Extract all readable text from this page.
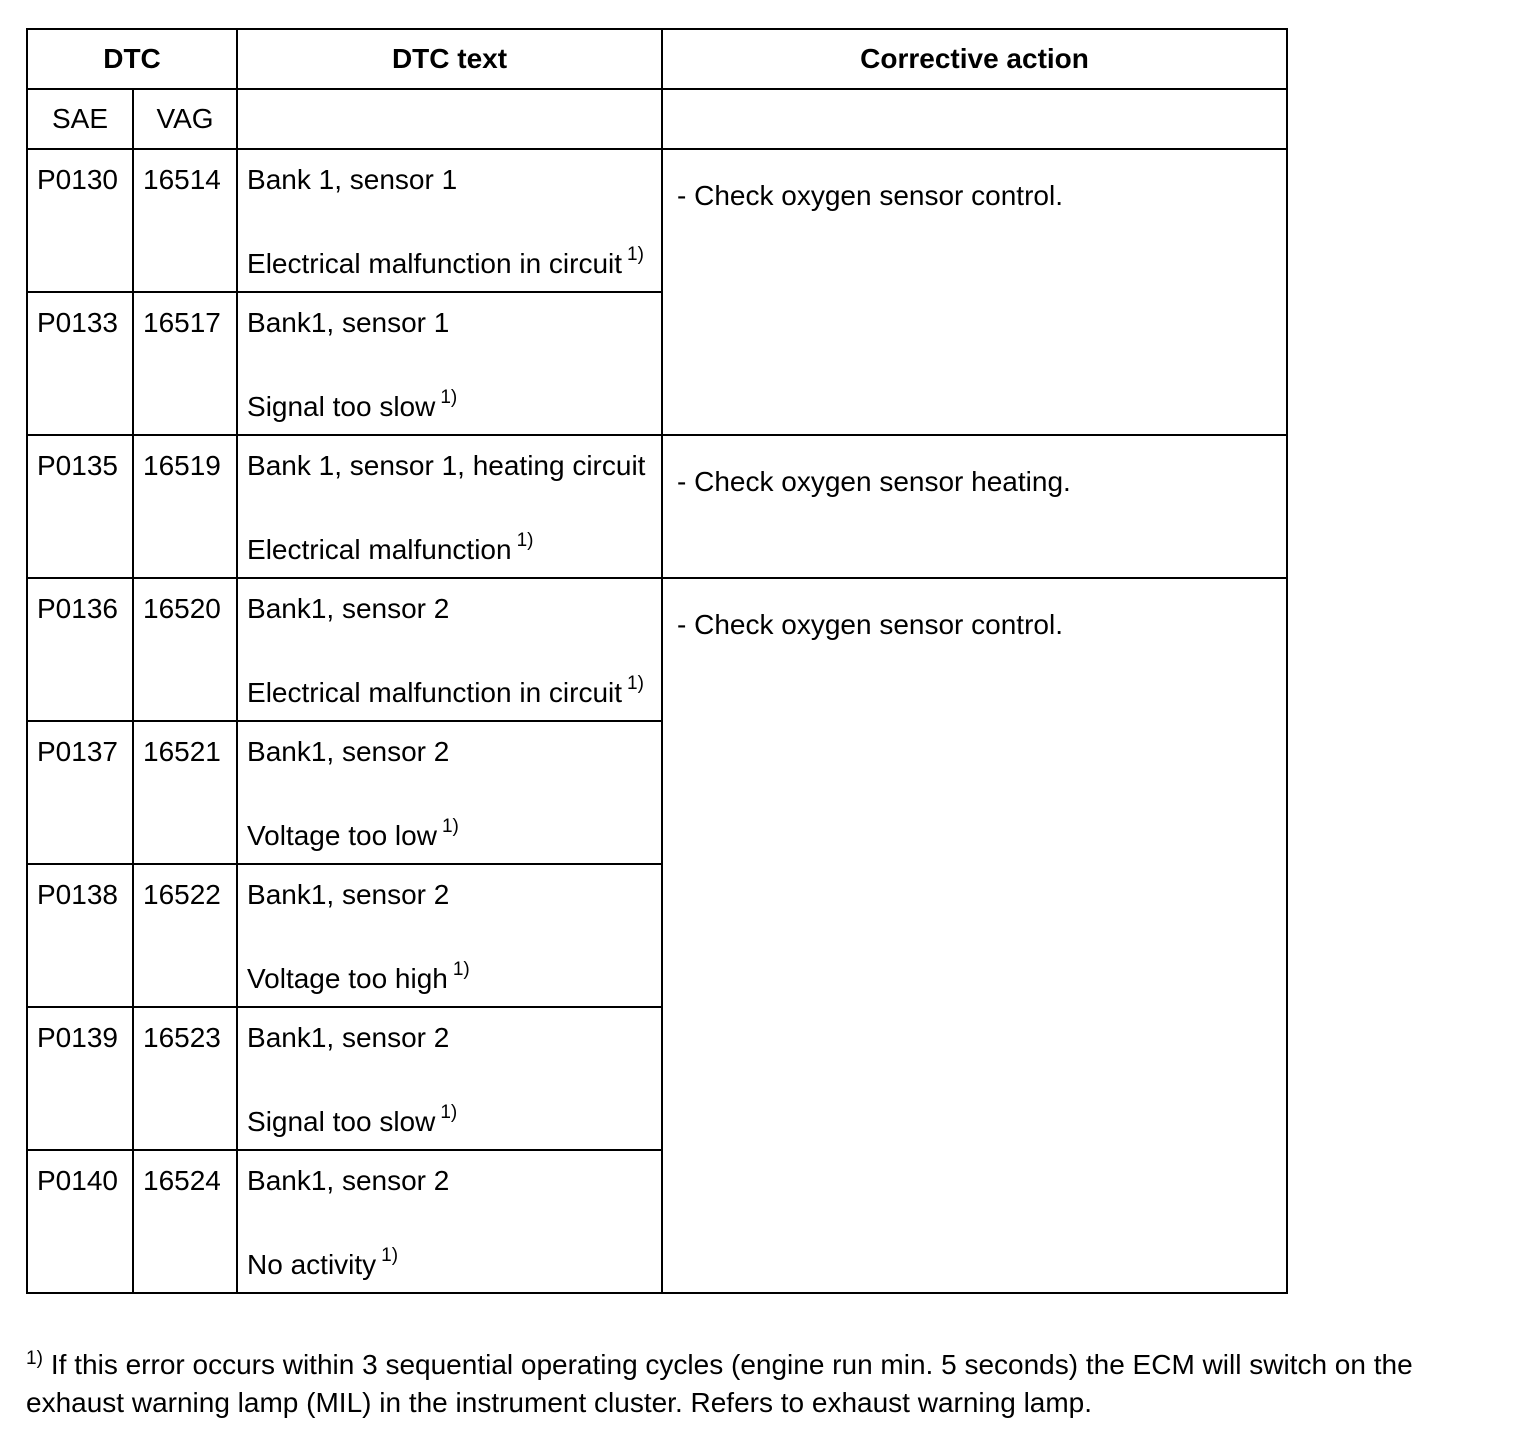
DTC		DTC text	Corrective action
SAE	VAG		
P0130	16514	Bank 1, sensor 1
Electrical malfunction in circuit $^{1)}$	- Check oxygen sensor control.
P0133	16517	Bank1, sensor 1
Signal too slow $^{1)}$

P0135	16519	Bank 1, sensor 1, heating circuit
Electrical malfunction $^{1)}$	- Check oxygen sensor heating.
P0136	16520	Bank1, sensor 2
Electrical malfunction in circuit $^{1)}$	- Check oxygen sensor control.
P0137	16521	Bank1, sensor 2
Voltage too low $^{1)}$

P0138	16522	Bank1, sensor 2
Voltage too high $^{1)}$

P0139	16523	Bank1, sensor 2
Signal too slow $^{1)}$

P0140	16524	Bank1, sensor 2
No activity $^{1)}$
$^{1)}$ If this error occurs within 3 sequential operating cycles (engine run min. 5 seconds) the ECM will switch on the exhaust warning lamp (MIL) in the instrument cluster. Refers to exhaust warning lamp.
